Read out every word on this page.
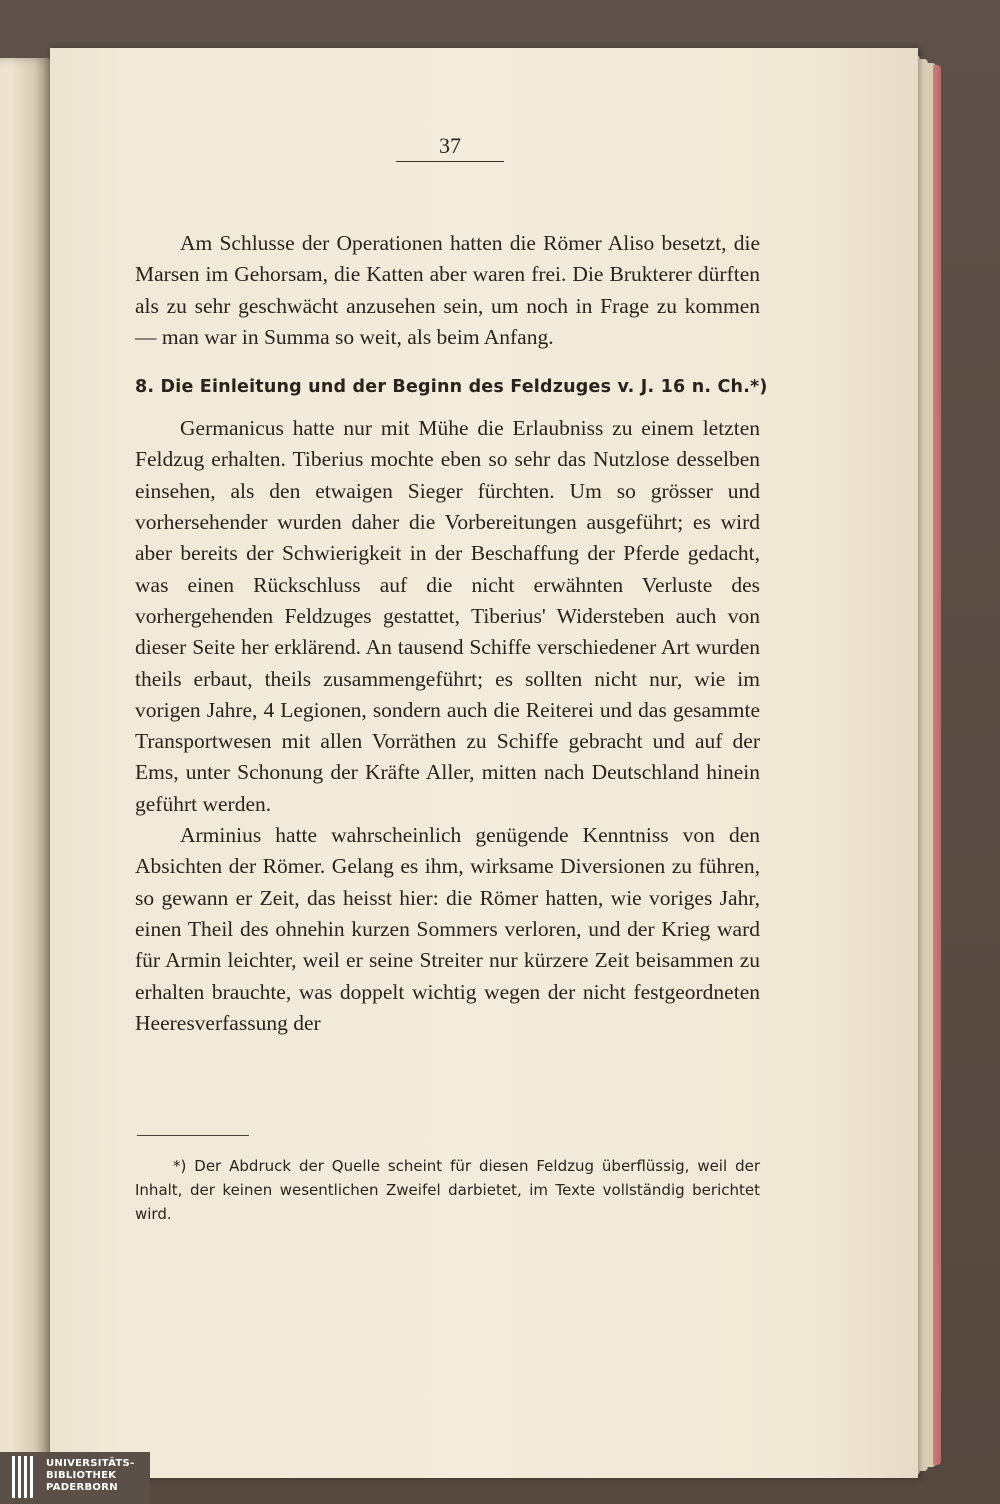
37

Am Schlusse der Operationen hatten die Römer Aliso besetzt, die Marsen im Gehorsam, die Katten aber waren frei. Die Brukterer dürften als zu sehr geschwächt anzusehen sein, um noch in Frage zu kommen — man war in Summa so weit, als beim Anfang.

8. Die Einleitung und der Beginn des Feldzuges v. J. 16 n. Ch.*)

Germanicus hatte nur mit Mühe die Erlaubniss zu einem letzten Feldzug erhalten. Tiberius mochte eben so sehr das Nutzlose desselben einsehen, als den etwaigen Sieger fürchten. Um so grösser und vorhersehender wurden daher die Vorbereitungen ausgeführt; es wird aber bereits der Schwierigkeit in der Beschaffung der Pferde gedacht, was einen Rückschluss auf die nicht erwähnten Verluste des vorhergehenden Feldzuges gestattet, Tiberius' Widersteben auch von dieser Seite her erklärend. An tausend Schiffe verschiedener Art wurden theils erbaut, theils zusammengeführt; es sollten nicht nur, wie im vorigen Jahre, 4 Legionen, sondern auch die Reiterei und das gesammte Transportwesen mit allen Vorräthen zu Schiffe gebracht und auf der Ems, unter Schonung der Kräfte Aller, mitten nach Deutschland hinein geführt werden.

Arminius hatte wahrscheinlich genügende Kenntniss von den Absichten der Römer. Gelang es ihm, wirksame Diversionen zu führen, so gewann er Zeit, das heisst hier: die Römer hatten, wie voriges Jahr, einen Theil des ohnehin kurzen Sommers verloren, und der Krieg ward für Armin leichter, weil er seine Streiter nur kürzere Zeit beisammen zu erhalten brauchte, was doppelt wichtig wegen der nicht festgeordneten Heeresverfassung der

*) Der Abdruck der Quelle scheint für diesen Feldzug überflüssig, weil der Inhalt, der keinen wesentlichen Zweifel darbietet, im Texte vollständig berichtet wird.
UNIVERSITÄTS-
BIBLIOTHEK
PADERBORN
